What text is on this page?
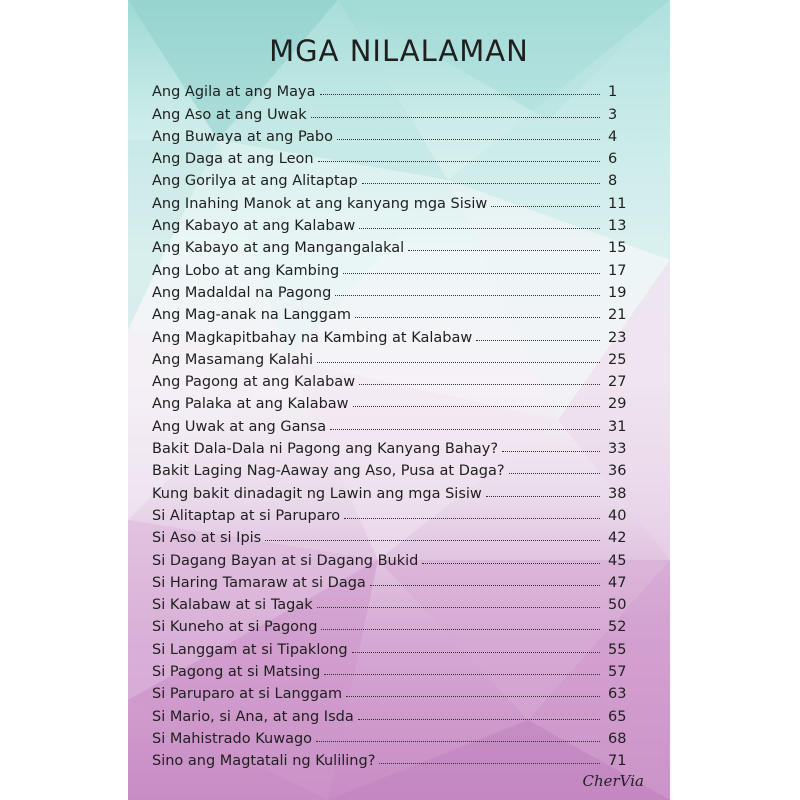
MGA NILALAMAN
Ang Agila at ang Maya	1
Ang Aso at ang Uwak	3
Ang Buwaya at ang Pabo	4
Ang Daga at ang Leon	6
Ang Gorilya at ang Alitaptap	8
Ang Inahing Manok at ang kanyang mga Sisiw	11
Ang Kabayo at ang Kalabaw	13
Ang Kabayo at ang Mangangalakal	15
Ang Lobo at ang Kambing	17
Ang Madaldal na Pagong	19
Ang Mag-anak na Langgam	21
Ang Magkapitbahay na Kambing at Kalabaw	23
Ang Masamang Kalahi	25
Ang Pagong at ang Kalabaw	27
Ang Palaka at ang Kalabaw	29
Ang Uwak at ang Gansa	31
Bakit Dala-Dala ni Pagong ang Kanyang Bahay?	33
Bakit Laging Nag-Aaway ang Aso, Pusa at Daga?	36
Kung bakit dinadagit ng Lawin ang mga Sisiw	38
Si Alitaptap at si Paruparo	40
Si Aso at si Ipis	42
Si Dagang Bayan at si Dagang Bukid	45
Si Haring Tamaraw at si Daga	47
Si Kalabaw at si Tagak	50
Si Kuneho at si Pagong	52
Si Langgam at si Tipaklong	55
Si Pagong at si Matsing	57
Si Paruparo at si Langgam	63
Si Mario, si Ana, at ang Isda	65
Si Mahistrado Kuwago	68
Sino ang Magtatali ng Kuliling?	71
CherVia
